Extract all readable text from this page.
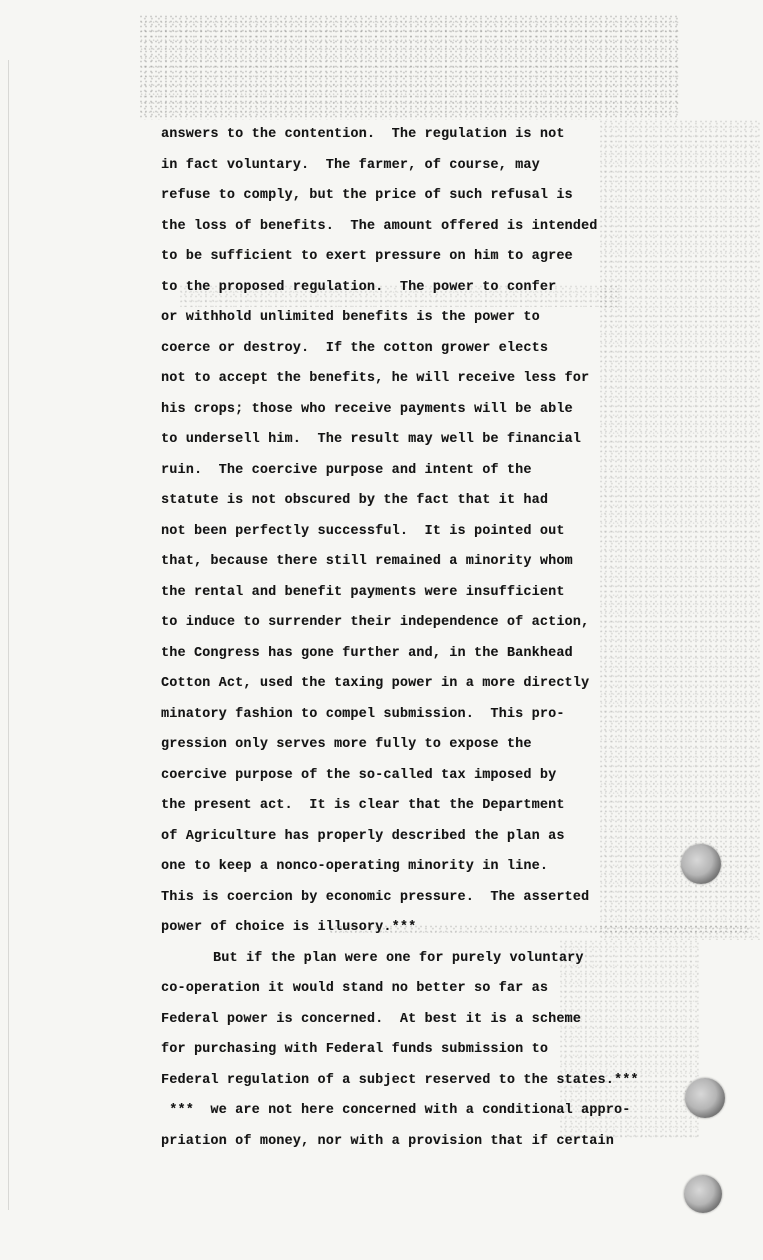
answers to the contention.  The regulation is not
in fact voluntary.  The farmer, of course, may
refuse to comply, but the price of such refusal is
the loss of benefits.  The amount offered is intended
to be sufficient to exert pressure on him to agree
to the proposed regulation.  The power to confer
or withhold unlimited benefits is the power to
coerce or destroy.  If the cotton grower elects
not to accept the benefits, he will receive less for
his crops; those who receive payments will be able
to undersell him.  The result may well be financial
ruin.  The coercive purpose and intent of the
statute is not obscured by the fact that it had
not been perfectly successful.  It is pointed out
that, because there still remained a minority whom
the rental and benefit payments were insufficient
to induce to surrender their independence of action,
the Congress has gone further and, in the Bankhead
Cotton Act, used the taxing power in a more directly
minatory fashion to compel submission.  This pro-
gression only serves more fully to expose the
coercive purpose of the so-called tax imposed by
the present act.  It is clear that the Department
of Agriculture has properly described the plan as
one to keep a nonco-operating minority in line.
This is coercion by economic pressure.  The asserted
power of choice is illusory.***
But if the plan were one for purely voluntary
co-operation it would stand no better so far as
Federal power is concerned.  At best it is a scheme
for purchasing with Federal funds submission to
Federal regulation of a subject reserved to the states.***
***  we are not here concerned with a conditional appro-
priation of money, nor with a provision that if certain
